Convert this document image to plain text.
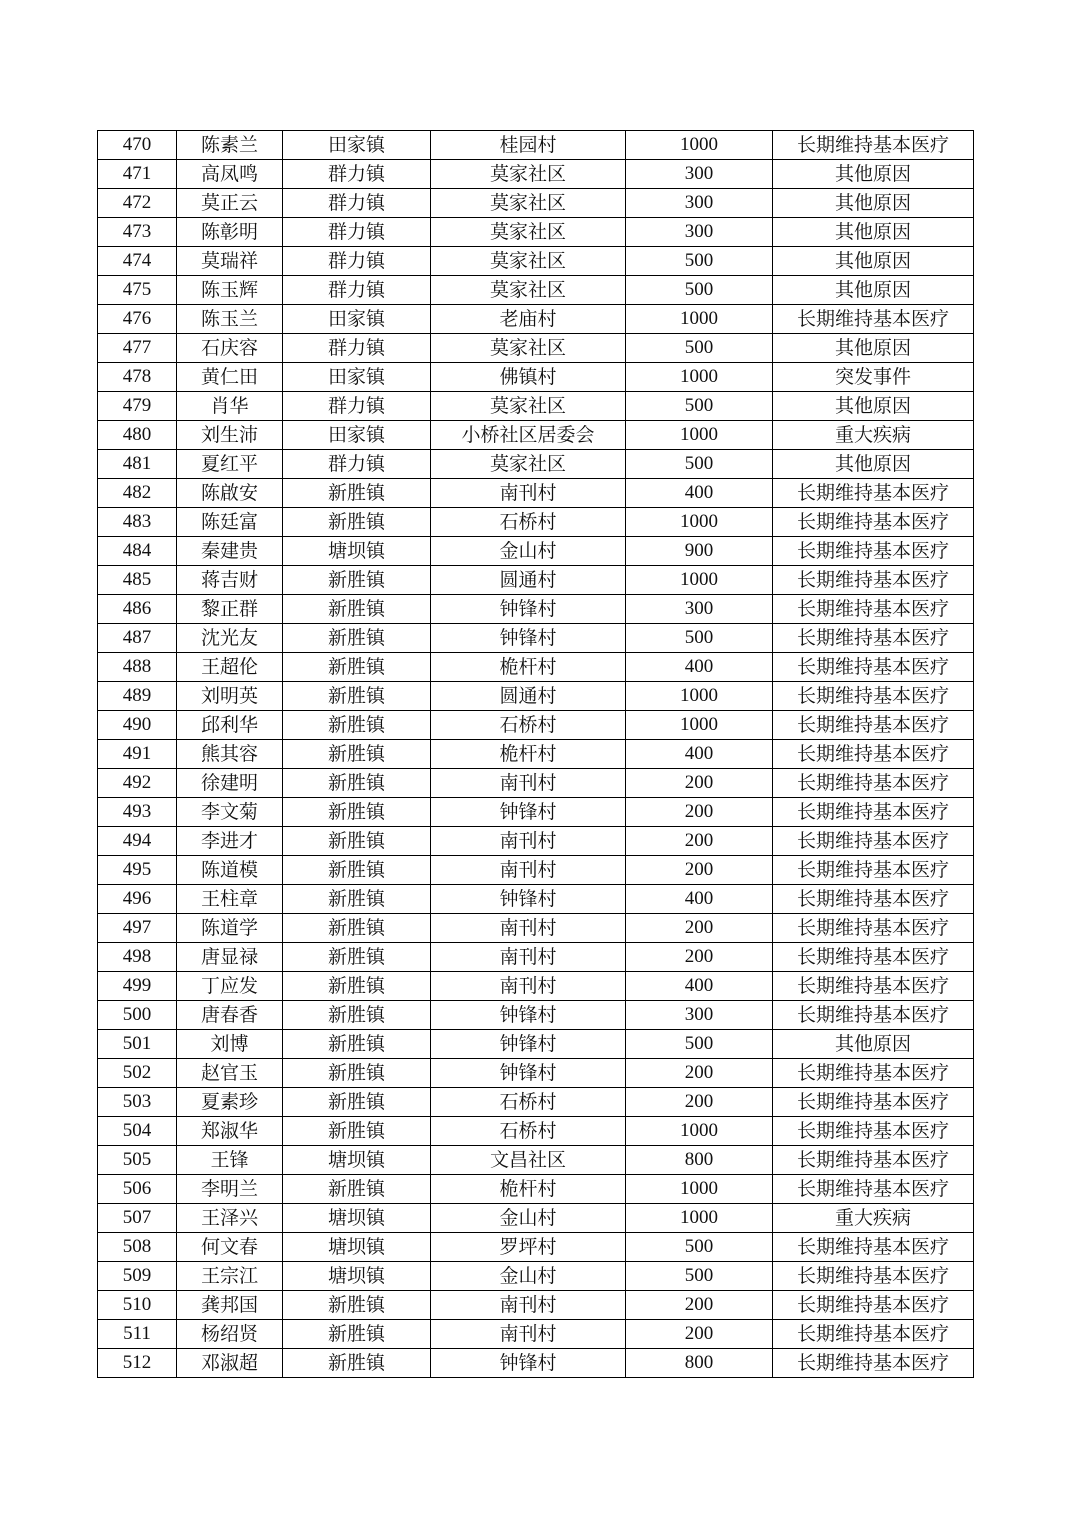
470	陈素兰	田家镇	桂园村	1000	长期维持基本医疗
471	高凤鸣	群力镇	莫家社区	300	其他原因
472	莫正云	群力镇	莫家社区	300	其他原因
473	陈彰明	群力镇	莫家社区	300	其他原因
474	莫瑞祥	群力镇	莫家社区	500	其他原因
475	陈玉辉	群力镇	莫家社区	500	其他原因
476	陈玉兰	田家镇	老庙村	1000	长期维持基本医疗
477	石庆容	群力镇	莫家社区	500	其他原因
478	黄仁田	田家镇	佛镇村	1000	突发事件
479	肖华	群力镇	莫家社区	500	其他原因
480	刘生沛	田家镇	小桥社区居委会	1000	重大疾病
481	夏红平	群力镇	莫家社区	500	其他原因
482	陈啟安	新胜镇	南刊村	400	长期维持基本医疗
483	陈廷富	新胜镇	石桥村	1000	长期维持基本医疗
484	秦建贵	塘坝镇	金山村	900	长期维持基本医疗
485	蒋吉财	新胜镇	圆通村	1000	长期维持基本医疗
486	黎正群	新胜镇	钟锋村	300	长期维持基本医疗
487	沈光友	新胜镇	钟锋村	500	长期维持基本医疗
488	王超伦	新胜镇	桅杆村	400	长期维持基本医疗
489	刘明英	新胜镇	圆通村	1000	长期维持基本医疗
490	邱利华	新胜镇	石桥村	1000	长期维持基本医疗
491	熊其容	新胜镇	桅杆村	400	长期维持基本医疗
492	徐建明	新胜镇	南刊村	200	长期维持基本医疗
493	李文菊	新胜镇	钟锋村	200	长期维持基本医疗
494	李进才	新胜镇	南刊村	200	长期维持基本医疗
495	陈道模	新胜镇	南刊村	200	长期维持基本医疗
496	王柱章	新胜镇	钟锋村	400	长期维持基本医疗
497	陈道学	新胜镇	南刊村	200	长期维持基本医疗
498	唐显禄	新胜镇	南刊村	200	长期维持基本医疗
499	丁应发	新胜镇	南刊村	400	长期维持基本医疗
500	唐春香	新胜镇	钟锋村	300	长期维持基本医疗
501	刘博	新胜镇	钟锋村	500	其他原因
502	赵官玉	新胜镇	钟锋村	200	长期维持基本医疗
503	夏素珍	新胜镇	石桥村	200	长期维持基本医疗
504	郑淑华	新胜镇	石桥村	1000	长期维持基本医疗
505	王锋	塘坝镇	文昌社区	800	长期维持基本医疗
506	李明兰	新胜镇	桅杆村	1000	长期维持基本医疗
507	王泽兴	塘坝镇	金山村	1000	重大疾病
508	何文春	塘坝镇	罗坪村	500	长期维持基本医疗
509	王宗江	塘坝镇	金山村	500	长期维持基本医疗
510	龚邦国	新胜镇	南刊村	200	长期维持基本医疗
511	杨绍贤	新胜镇	南刊村	200	长期维持基本医疗
512	邓淑超	新胜镇	钟锋村	800	长期维持基本医疗
